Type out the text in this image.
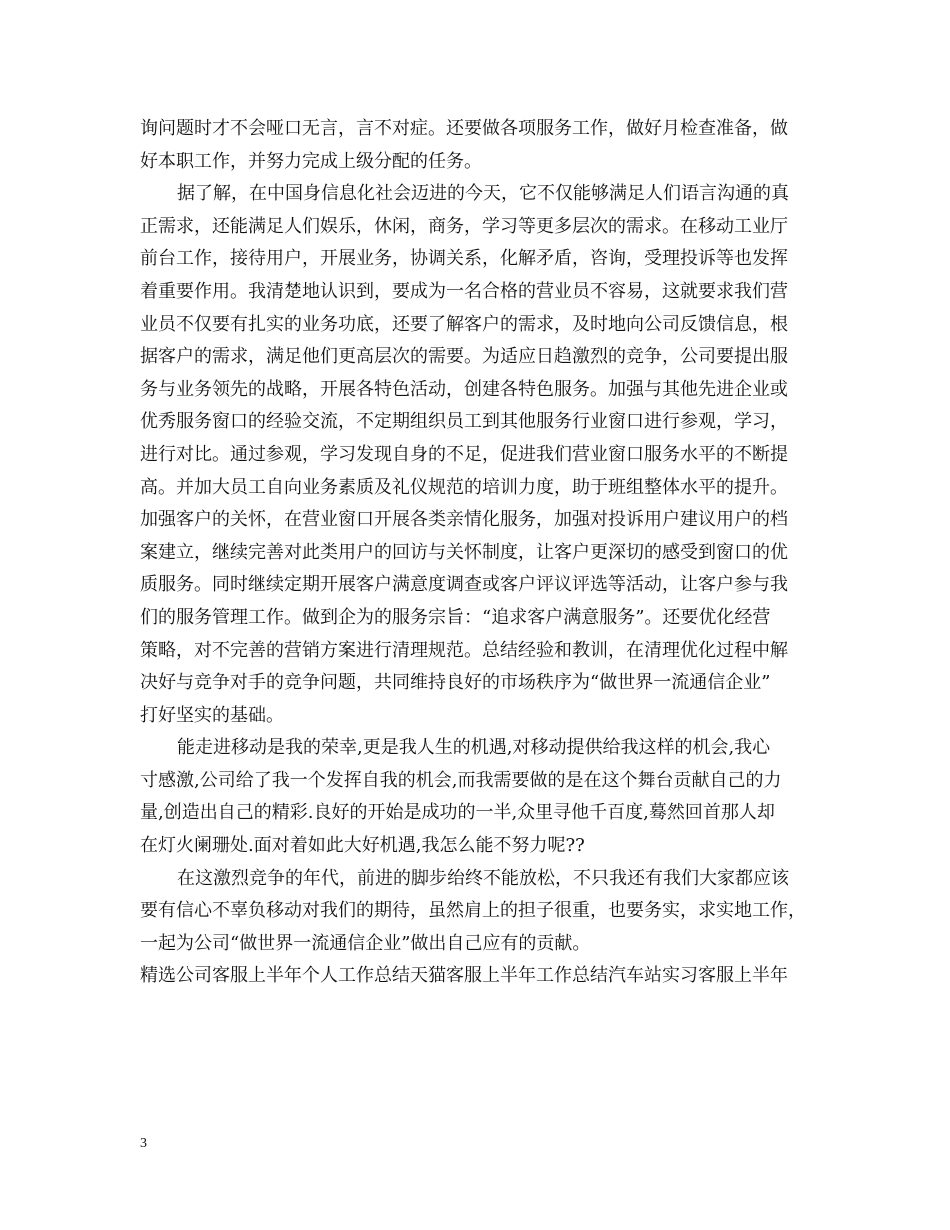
询问题时才不会哑口无言，言不对症。还要做各项服务工作，做好月检查准备，做
好本职工作，并努力完成上级分配的任务。
据了解，在中国身信息化社会迈进的今天，它不仅能够满足人们语言沟通的真
正需求，还能满足人们娱乐，休闲，商务，学习等更多层次的需求。在移动工业厅
前台工作，接待用户，开展业务，协调关系，化解矛盾，咨询，受理投诉等也发挥
着重要作用。我清楚地认识到，要成为一名合格的营业员不容易，这就要求我们营
业员不仅要有扎实的业务功底，还要了解客户的需求，及时地向公司反馈信息，根
据客户的需求，满足他们更高层次的需要。为适应日趋激烈的竞争，公司要提出服
务与业务领先的战略，开展各特色活动，创建各特色服务。加强与其他先进企业或
优秀服务窗口的经验交流，不定期组织员工到其他服务行业窗口进行参观，学习，
进行对比。通过参观，学习发现自身的不足，促进我们营业窗口服务水平的不断提
高。并加大员工自向业务素质及礼仪规范的培训力度，助于班组整体水平的提升。
加强客户的关怀，在营业窗口开展各类亲情化服务，加强对投诉用户建议用户的档
案建立，继续完善对此类用户的回访与关怀制度，让客户更深切的感受到窗口的优
质服务。同时继续定期开展客户满意度调查或客户评议评选等活动，让客户参与我
们的服务管理工作。做到企为的服务宗旨：“追求客户满意服务”。还要优化经营
策略，对不完善的营销方案进行清理规范。总结经验和教训，在清理优化过程中解
决好与竞争对手的竞争问题，共同维持良好的市场秩序为“做世界一流通信企业”
打好坚实的基础。
能走进移动是我的荣幸,更是我人生的机遇,对移动提供给我这样的机会,我心
寸感激,公司给了我一个发挥自我的机会,而我需要做的是在这个舞台贡献自己的力
量,创造出自己的精彩.良好的开始是成功的一半,众里寻他千百度,蓦然回首那人却
在灯火阑珊处.面对着如此大好机遇,我怎么能不努力呢??
在这激烈竞争的年代，前进的脚步绐终不能放松，不只我还有我们大家都应该
要有信心不辜负移动对我们的期待，虽然肩上的担子很重，也要务实，求实地工作，
一起为公司“做世界一流通信企业”做出自己应有的贡献。
精选公司客服上半年个人工作总结天猫客服上半年工作总结汽车站实习客服上半年
3
